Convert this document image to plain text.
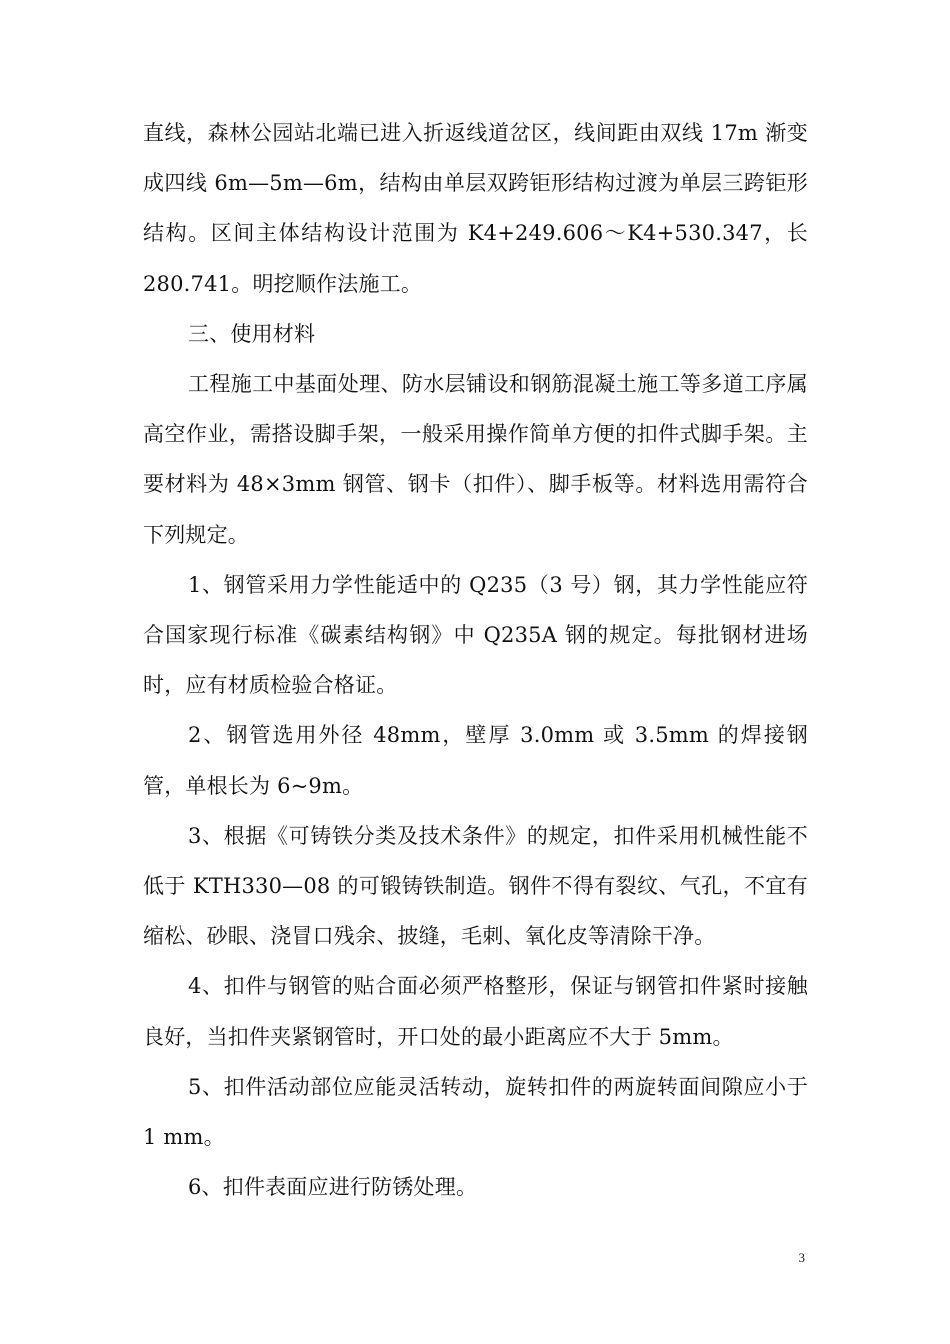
直线，森林公园站北端已进入折返线道岔区，线间距由双线 17m 渐变成四线 6m—5m—6m，结构由单层双跨钜形结构过渡为单层三跨钜形结构。区间主体结构设计范围为 K4+249.606～K4+530.347，长 280.741。明挖顺作法施工。

三、使用材料

工程施工中基面处理、防水层铺设和钢筋混凝土施工等多道工序属高空作业，需搭设脚手架，一般采用操作简单方便的扣件式脚手架。主要材料为 48×3mm 钢管、钢卡（扣件）、脚手板等。材料选用需符合下列规定。

1、钢管采用力学性能适中的 Q235（3 号）钢，其力学性能应符合国家现行标准《碳素结构钢》中 Q235A 钢的规定。每批钢材进场时，应有材质检验合格证。

2、钢管选用外径 48mm，壁厚 3.0mm 或 3.5mm 的焊接钢管，单根长为 6~9m。

3、根据《可铸铁分类及技术条件》的规定，扣件采用机械性能不低于 KTH330—08 的可锻铸铁制造。钢件不得有裂纹、气孔，不宜有缩松、砂眼、浇冒口残余、披缝，毛刺、氧化皮等清除干净。

4、扣件与钢管的贴合面必须严格整形，保证与钢管扣件紧时接触良好，当扣件夹紧钢管时，开口处的最小距离应不大于 5mm。

5、扣件活动部位应能灵活转动，旋转扣件的两旋转面间隙应小于 1 mm。

6、扣件表面应进行防锈处理。

3
